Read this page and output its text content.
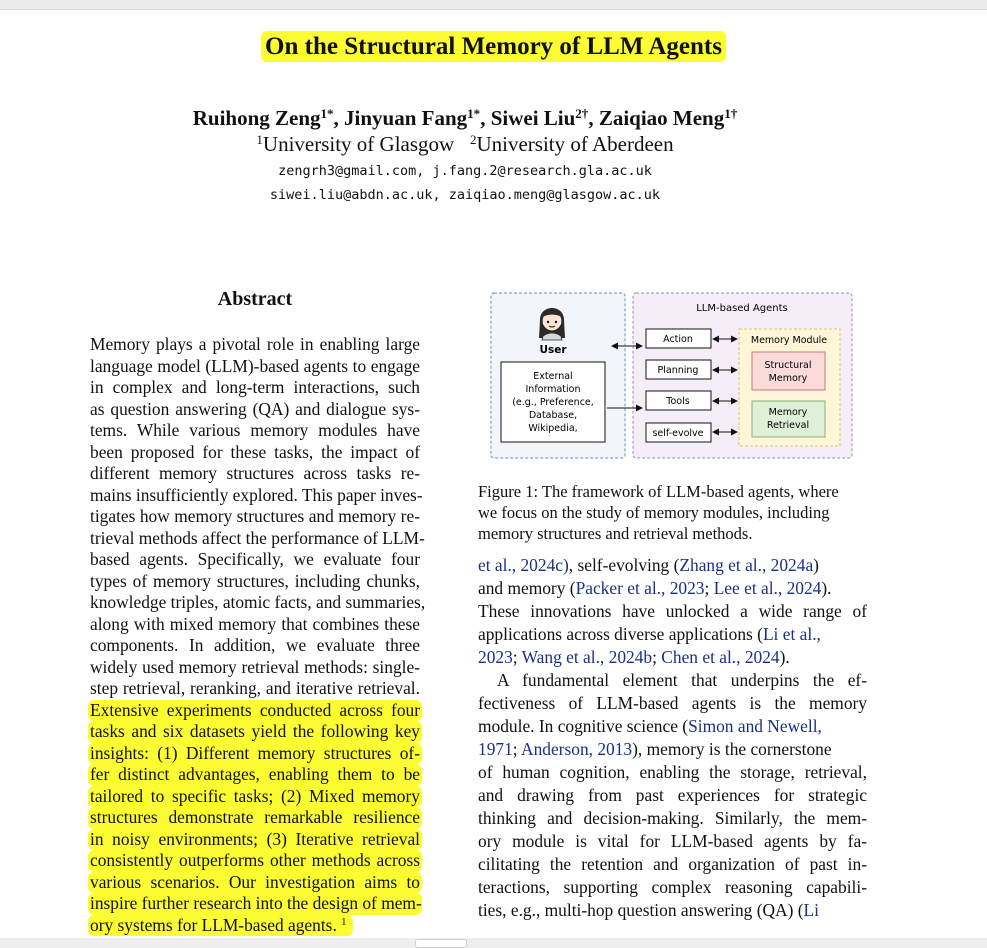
On the Structural Memory of LLM Agents
Ruihong Zeng$^{1*}$, Jinyuan Fang$^{1*}$, Siwei Liu$^{2\dagger}$, Zaiqiao Meng$^{1\dagger}$
$^1$University of Glasgow $^2$University of Aberdeen
zengrh3@gmail.com, j.fang.2@research.gla.ac.uk
siwei.liu@abdn.ac.uk, zaiqiao.meng@glasgow.ac.uk
Abstract
Memory plays a pivotal role in enabling large
language model (LLM)-based agents to engage
in complex and long-term interactions, such
as question answering (QA) and dialogue sys-
tems. While various memory modules have
been proposed for these tasks, the impact of
different memory structures across tasks re-
mains insufficiently explored. This paper inves-
tigates how memory structures and memory re-
trieval methods affect the performance of LLM-
based agents. Specifically, we evaluate four
types of memory structures, including chunks,
knowledge triples, atomic facts, and summaries,
along with mixed memory that combines these
components. In addition, we evaluate three
widely used memory retrieval methods: single-
step retrieval, reranking, and iterative retrieval.
Extensive experiments conducted across four
tasks and six datasets yield the following key
insights: (1) Different memory structures of-
fer distinct advantages, enabling them to be
tailored to specific tasks; (2) Mixed memory
structures demonstrate remarkable resilience
in noisy environments; (3) Iterative retrieval
consistently outperforms other methods across
various scenarios. Our investigation aims to
inspire further research into the design of mem-
ory systems for LLM-based agents. $^1$
User
External
Information
(e.g., Preference,
Database,
Wikipedia,
LLM-based Agents
Action
Planning
Tools
self-evolve
Memory Module
Structural
Memory
Memory
Retrieval
Figure 1: The framework of LLM-based agents, where
we focus on the study of memory modules, including
memory structures and retrieval methods.
et al., 2024c), self-evolving (Zhang et al., 2024a)
and memory (Packer et al., 2023; Lee et al., 2024).
These innovations have unlocked a wide range of
applications across diverse applications (Li et al.,
2023; Wang et al., 2024b; Chen et al., 2024).
A fundamental element that underpins the ef-
fectiveness of LLM-based agents is the memory
module. In cognitive science (Simon and Newell,
1971; Anderson, 2013), memory is the cornerstone
of human cognition, enabling the storage, retrieval,
and drawing from past experiences for strategic
thinking and decision-making. Similarly, the mem-
ory module is vital for LLM-based agents by fa-
cilitating the retention and organization of past in-
teractions, supporting complex reasoning capabili-
ties, e.g., multi-hop question answering (QA) (Li
